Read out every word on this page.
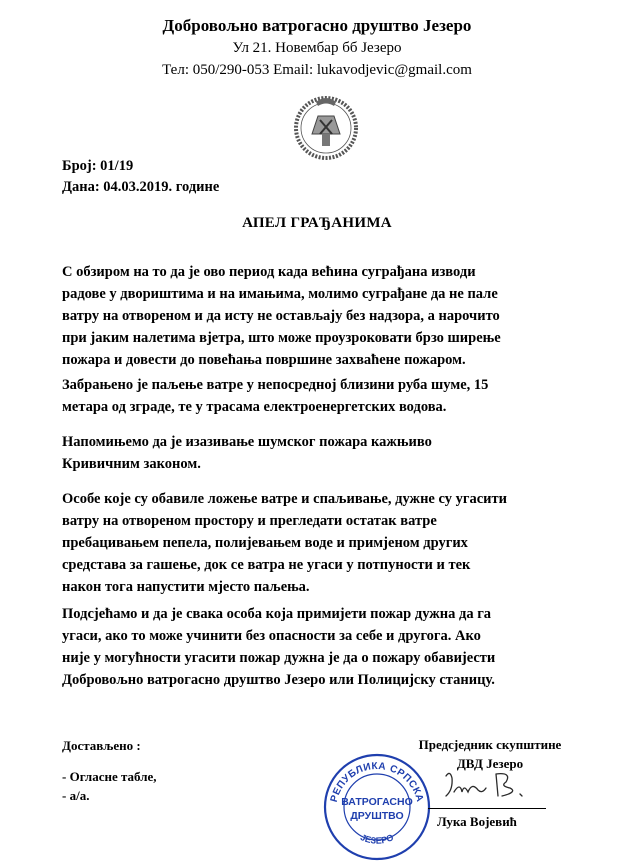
Добровољно ватрогасно друштво Језеро
Ул 21. Новембар бб Језеро
Тел: 050/290-053 Email: lukavodjevic@gmail.com
Број: 01/19
Дана: 04.03.2019. године
АПЕЛ ГРАЂАНИМА
С обзиром на то да је ово период када већина суграђана изводи
радове у двориштима и на имањима, молимо суграђане да не пале
ватру на отвореном и да исту не остављају без надзора, а нарочито
при јаким налетима вјетра, што може проузроковати брзо ширење
пожара и довести до повећања површине захваћене пожаром.
Забрањено је паљење ватре у непосредној близини руба шуме, 15
метара од зграде, те у трасама електроенергетских водова.
Напомињемо да је изазивање шумског пожара кажњиво
Кривичним законом.
Особе које су обавиле ложење ватре и спаљивање, дужне су угасити
ватру на отвореном простору и прегледати остатак ватре
пребацивањем пепела, полијевањем воде и примјеном других
средстава за гашење, док се ватра не угаси у потпуности и тек
након тога напустити мјесто паљења.
Подсјећамо и да је свака особа која примијети пожар дужна да га
угаси, ако то може учинити без опасности за себе и другога. Ако
није у могућности угасити пожар дужна је да о пожару обавијести
Добровољно ватрогасно друштво Језеро или Полицијску станицу.
Достављено :
- Огласне табле,
- а/а.	РЕПУБЛИКА СРПСКА
ЈЕЗЕРО
ВАТРОГАСНО
ДРУШТВО
Предсједник скупштине
ДВД Језеро
Лука Војевић
